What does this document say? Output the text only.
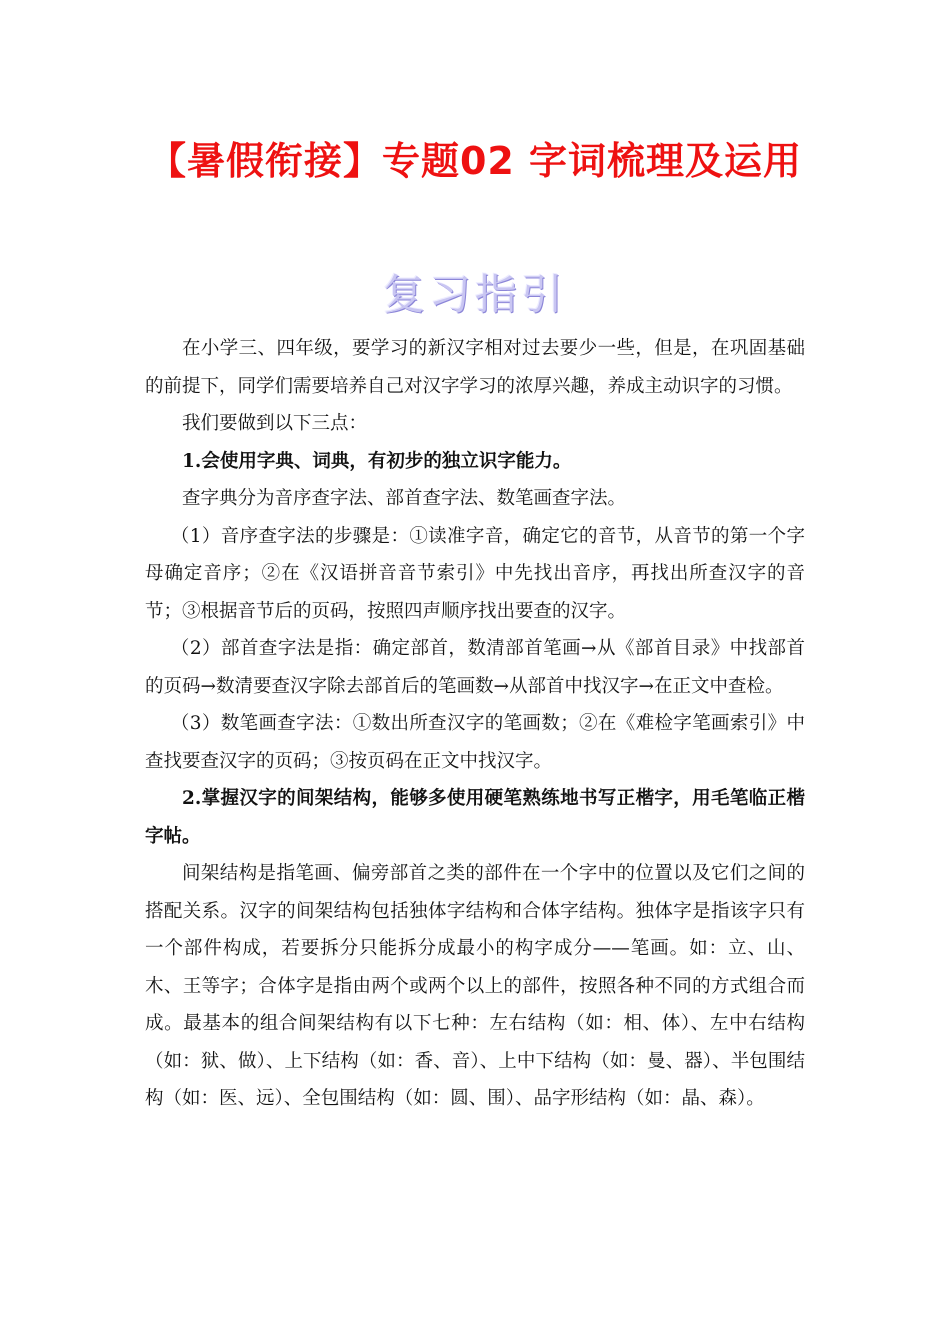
【暑假衔接】专题02 字词梳理及运用
复习指引

在小学三、四年级，要学习的新汉字相对过去要少一些，但是，在巩固基础的前提下，同学们需要培养自己对汉字学习的浓厚兴趣，养成主动识字的习惯。

我们要做到以下三点：

1.会使用字典、词典，有初步的独立识字能力。

查字典分为音序查字法、部首查字法、数笔画查字法。

（1）音序查字法的步骤是：①读准字音，确定它的音节，从音节的第一个字母确定音序；②在《汉语拼音音节索引》中先找出音序，再找出所查汉字的音节；③根据音节后的页码，按照四声顺序找出要查的汉字。

（2）部首查字法是指：确定部首，数清部首笔画→从《部首目录》中找部首的页码→数清要查汉字除去部首后的笔画数→从部首中找汉字→在正文中查检。

（3）数笔画查字法：①数出所查汉字的笔画数；②在《难检字笔画索引》中查找要查汉字的页码；③按页码在正文中找汉字。

2.掌握汉字的间架结构，能够多使用硬笔熟练地书写正楷字，用毛笔临正楷字帖。

间架结构是指笔画、偏旁部首之类的部件在一个字中的位置以及它们之间的搭配关系。汉字的间架结构包括独体字结构和合体字结构。独体字是指该字只有一个部件构成，若要拆分只能拆分成最小的构字成分——笔画。如：立、山、木、王等字；合体字是指由两个或两个以上的部件，按照各种不同的方式组合而成。最基本的组合间架结构有以下七种：左右结构（如：相、体）、左中右结构（如：狱、做）、上下结构（如：香、音）、上中下结构（如：曼、器）、半包围结构（如：医、远）、全包围结构（如：圆、围）、品字形结构（如：晶、森）。
